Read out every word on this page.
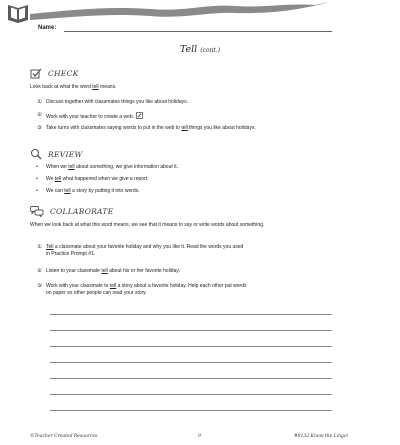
Name:
Tell (cont.)
CHECK
Look back at what the word tell means.
① Discuss together with classmates things you like about holidays.
② Work with your teacher to create a web.
③ Take turns with classmates saying words to put in the web to tell things you like about holidays.
REVIEW
• When we tell about something, we give information about it.
• We tell what happened when we give a report.
• We can tell a story by putting it into words.
COLLABORATE
When we look back at what this word means, we see that it means to say or write words about something.
① Tell a classmate about your favorite holiday and why you like it. Read the words you used
in Practice Prompt #1.
② Listen to your classmate tell about his or her favorite holiday.
③ Work with your classmate to tell a story about a favorite holiday. Help each other put words
on paper so other people can read your story.
©Teacher Created Resources	9	#8132 Know the Lingo!
